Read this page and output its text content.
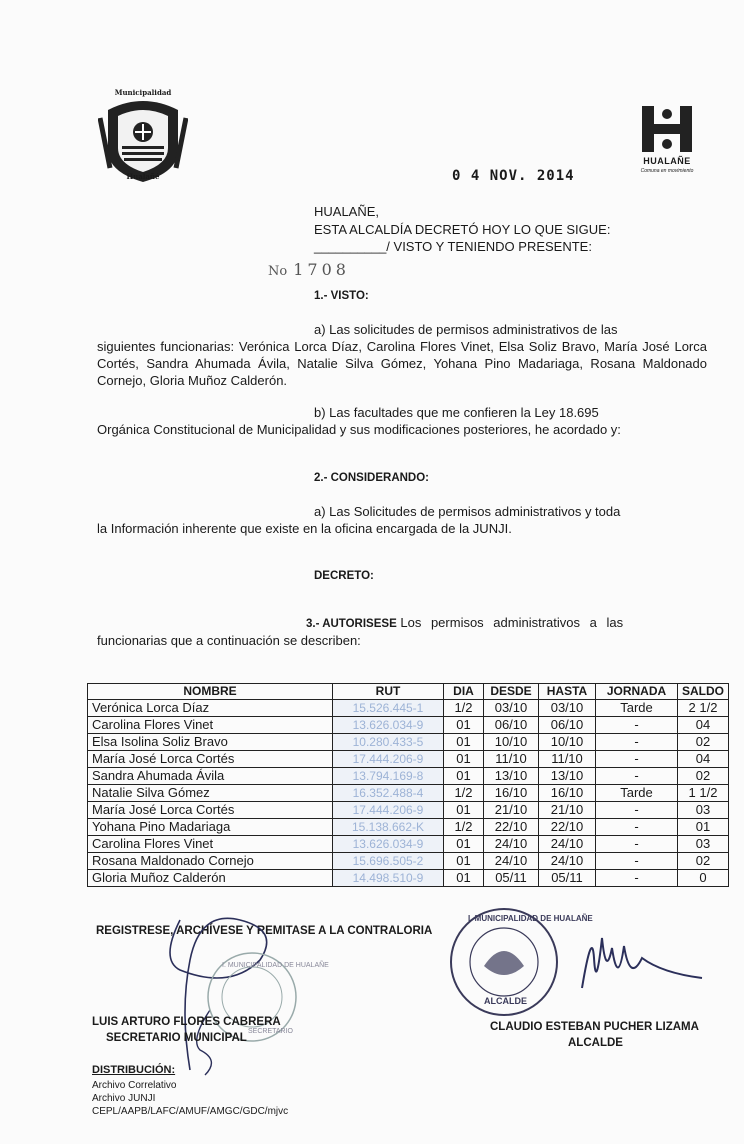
Municipalidad
Hualañé
HUALAÑE
Comuna en movimiento
0 4 NOV. 2014
HUALAÑE,
ESTA ALCALDÍA DECRETÓ HOY LO QUE SIGUE:
__________/ VISTO Y TENIENDO PRESENTE:
No 1708
1.- VISTO:
a) Las solicitudes de permisos administrativos de las
siguientes funcionarias: Verónica Lorca Díaz, Carolina Flores Vinet, Elsa Soliz Bravo, María José Lorca Cortés, Sandra Ahumada Ávila, Natalie Silva Gómez, Yohana Pino Madariaga, Rosana Maldonado Cornejo, Gloria Muñoz Calderón.
b) Las facultades que me confieren la Ley 18.695
Orgánica Constitucional de Municipalidad y sus modificaciones posteriores, he acordado y:
2.- CONSIDERANDO:
a) Las Solicitudes de permisos administrativos y toda
la Información inherente que existe en la oficina encargada de la JUNJI.
DECRETO:
3.- AUTORISESE Los permisos administrativos a las
funcionarias que a continuación se describen:
NOMBRE	RUT	DIA	DESDE	HASTA	JORNADA	SALDO
Verónica Lorca Díaz	15.526.445-1	1/2	03/10	03/10	Tarde	2 1/2
Carolina Flores Vinet	13.626.034-9	01	06/10	06/10	-	04
Elsa Isolina Soliz Bravo	10.280.433-5	01	10/10	10/10	-	02
María José Lorca Cortés	17.444.206-9	01	11/10	11/10	-	04
Sandra Ahumada Ávila	13.794.169-8	01	13/10	13/10	-	02
Natalie Silva Gómez	16.352.488-4	1/2	16/10	16/10	Tarde	1 1/2
María José Lorca Cortés	17.444.206-9	01	21/10	21/10	-	03
Yohana Pino Madariaga	15.138.662-K	1/2	22/10	22/10	-	01
Carolina Flores Vinet	13.626.034-9	01	24/10	24/10	-	03
Rosana Maldonado Cornejo	15.696.505-2	01	24/10	24/10	-	02
Gloria Muñoz Calderón	14.498.510-9	01	05/11	05/11	-	0
REGISTRESE, ARCHÍVESE Y REMITASE A LA CONTRALORIA
I. MUNICIPALIDAD DE HUALAÑE
SECRETARIO
LUIS ARTURO FLORES CABRERA
SECRETARIO MUNICIPAL
I. MUNICIPALIDAD DE HUALAÑE
ALCALDE
CLAUDIO ESTEBAN PUCHER LIZAMA
ALCALDE
DISTRIBUCIÓN:
Archivo Correlativo
Archivo JUNJI
CEPL/AAPB/LAFC/AMUF/AMGC/GDC/mjvc
